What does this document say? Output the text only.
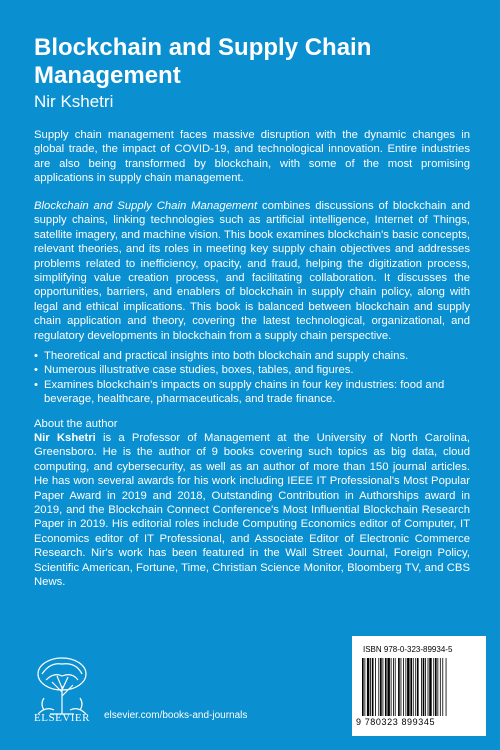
Blockchain and Supply Chain Management
Nir Kshetri
Supply chain management faces massive disruption with the dynamic changes in global trade, the impact of COVID-19, and technological innovation. Entire industries are also being transformed by blockchain, with some of the most promising applications in supply chain management.
Blockchain and Supply Chain Management combines discussions of blockchain and supply chains, linking technologies such as artificial intelligence, Internet of Things, satellite imagery, and machine vision. This book examines blockchain's basic concepts, relevant theories, and its roles in meeting key supply chain objectives and addresses problems related to inefficiency, opacity, and fraud, helping the digitization process, simplifying value creation process, and facilitating collaboration. It discusses the opportunities, barriers, and enablers of blockchain in supply chain policy, along with legal and ethical implications. This book is balanced between blockchain and supply chain application and theory, covering the latest technological, organizational, and regulatory developments in blockchain from a supply chain perspective.
• Theoretical and practical insights into both blockchain and supply chains.
• Numerous illustrative case studies, boxes, tables, and figures.
• Examines blockchain's impacts on supply chains in four key industries: food and beverage, healthcare, pharmaceuticals, and trade finance.
About the author
Nir Kshetri is a Professor of Management at the University of North Carolina, Greensboro. He is the author of 9 books covering such topics as big data, cloud computing, and cybersecurity, as well as an author of more than 150 journal articles. He has won several awards for his work including IEEE IT Professional's Most Popular Paper Award in 2019 and 2018, Outstanding Contribution in Authorships award in 2019, and the Blockchain Connect Conference's Most Influential Blockchain Research Paper in 2019. His editorial roles include Computing Economics editor of Computer, IT Economics editor of IT Professional, and Associate Editor of Electronic Commerce Research. Nir's work has been featured in the Wall Street Journal, Foreign Policy, Scientific American, Fortune, Time, Christian Science Monitor, Bloomberg TV, and CBS News.
ELSEVIER	elsevier.com/books-and-journals
ISBN 978-0-323-89934-5
9 780323 899345
